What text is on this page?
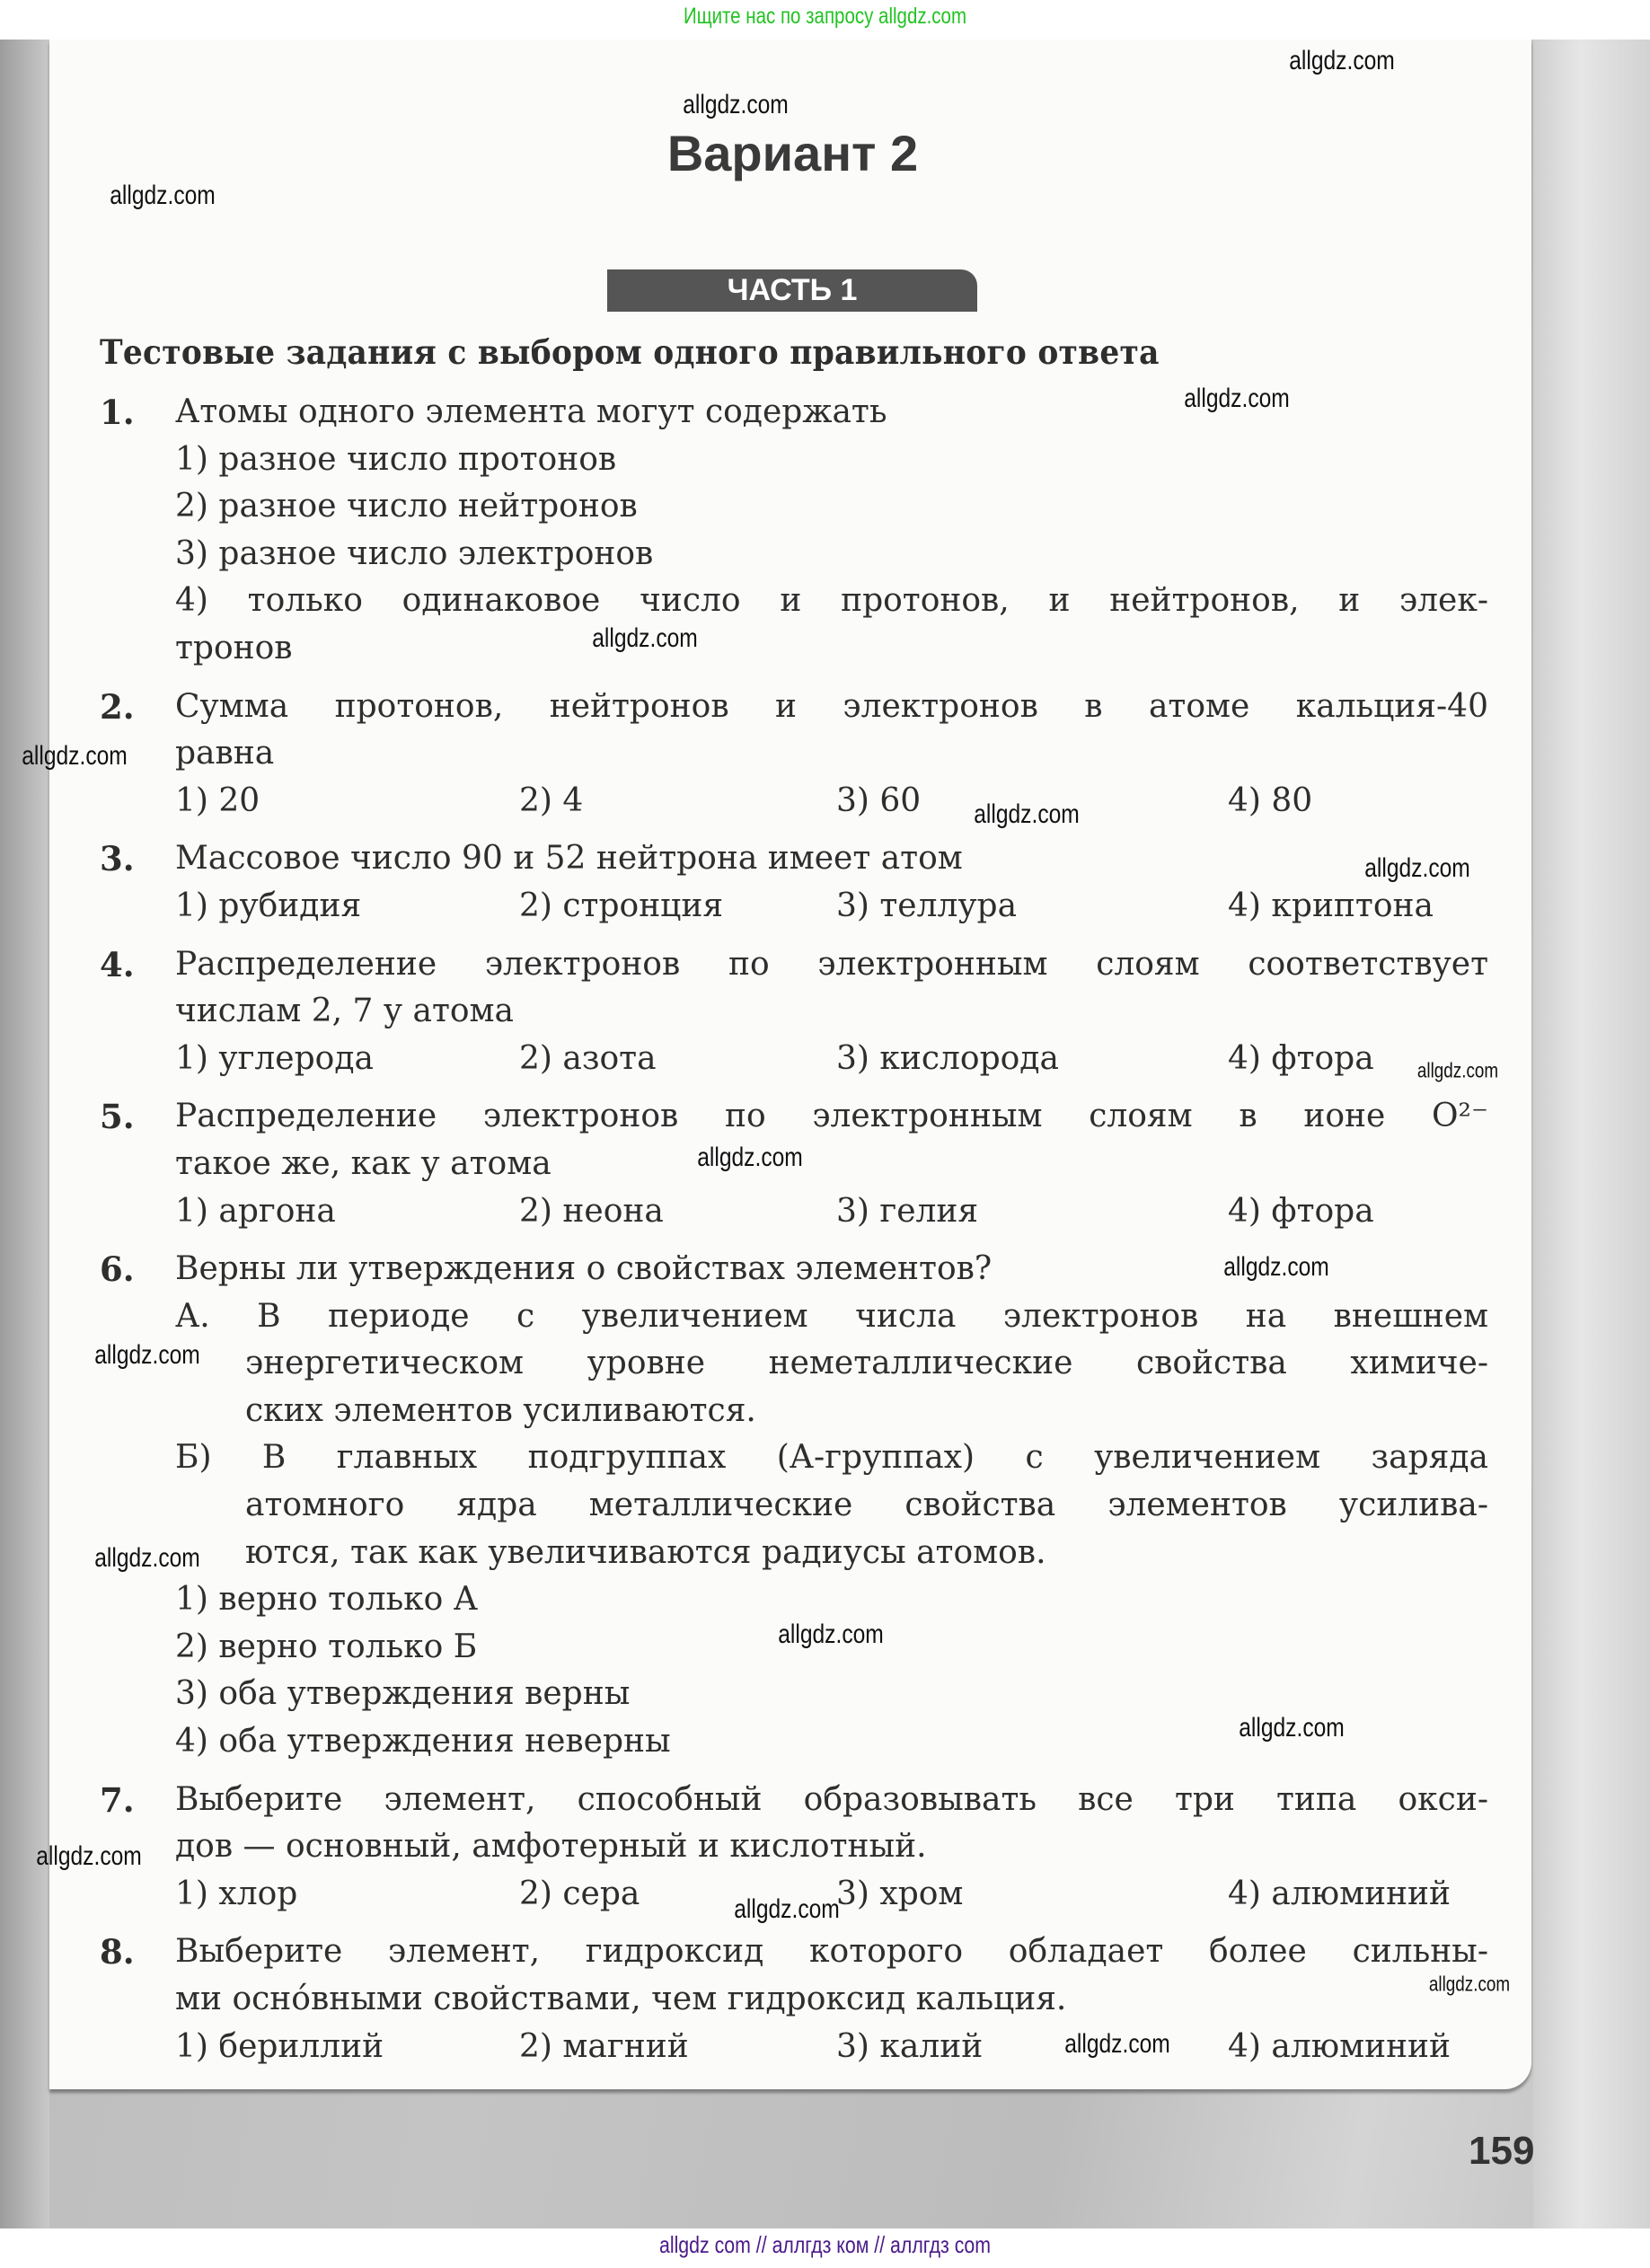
Ищите нас по запросу allgdz.com
Вариант 2
ЧАСТЬ 1
Тестовые задания с выбором одного правильного ответа
1. Атомы одного элемента могут содержать
1) разное число протонов
2) разное число нейтронов
3) разное число электронов
4) только одинаковое число и протонов, и нейтронов, и элек-
тронов
2. Сумма протонов, нейтронов и электронов в атоме кальция-40
равна
1) 20	2) 4	3) 60	4) 80
3. Массовое число 90 и 52 нейтрона имеет атом
1) рубидия	2) стронция	3) теллура	4) криптона
4. Распределение электронов по электронным слоям соответствует
числам 2, 7 у атома
1) углерода	2) азота	3) кислорода	4) фтора
5. Распределение электронов по электронным слоям в ионе O²⁻
такое же, как у атома
1) аргона	2) неона	3) гелия	4) фтора
6. Верны ли утверждения о свойствах элементов?
А. В периоде с увеличением числа электронов на внешнем
энергетическом уровне неметаллические свойства химиче-
ских элементов усиливаются.
Б) В главных подгруппах (А-группах) с увеличением заряда
атомного ядра металлические свойства элементов усилива-
ются, так как увеличиваются радиусы атомов.
1) верно только А
2) верно только Б
3) оба утверждения верны
4) оба утверждения неверны
7. Выберите элемент, способный образовывать все три типа окси-
дов — основный, амфотерный и кислотный.
1) хлор	2) сера	3) хром	4) алюминий
8. Выберите элемент, гидроксид которого обладает более сильны-
ми осно́вными свойствами, чем гидроксид кальция.
1) бериллий	2) магний	3) калий	4) алюминий
159
allgdz.com
allgdz.com
allgdz.com
allgdz.com
allgdz.com
allgdz.com
allgdz.com
allgdz.com
allgdz.com
allgdz.com
allgdz.com
allgdz.com
allgdz.com
allgdz.com
allgdz.com
allgdz.com
allgdz.com
allgdz.com
allgdz.com
allgdz com // аллгдз ком // аллгдз com
